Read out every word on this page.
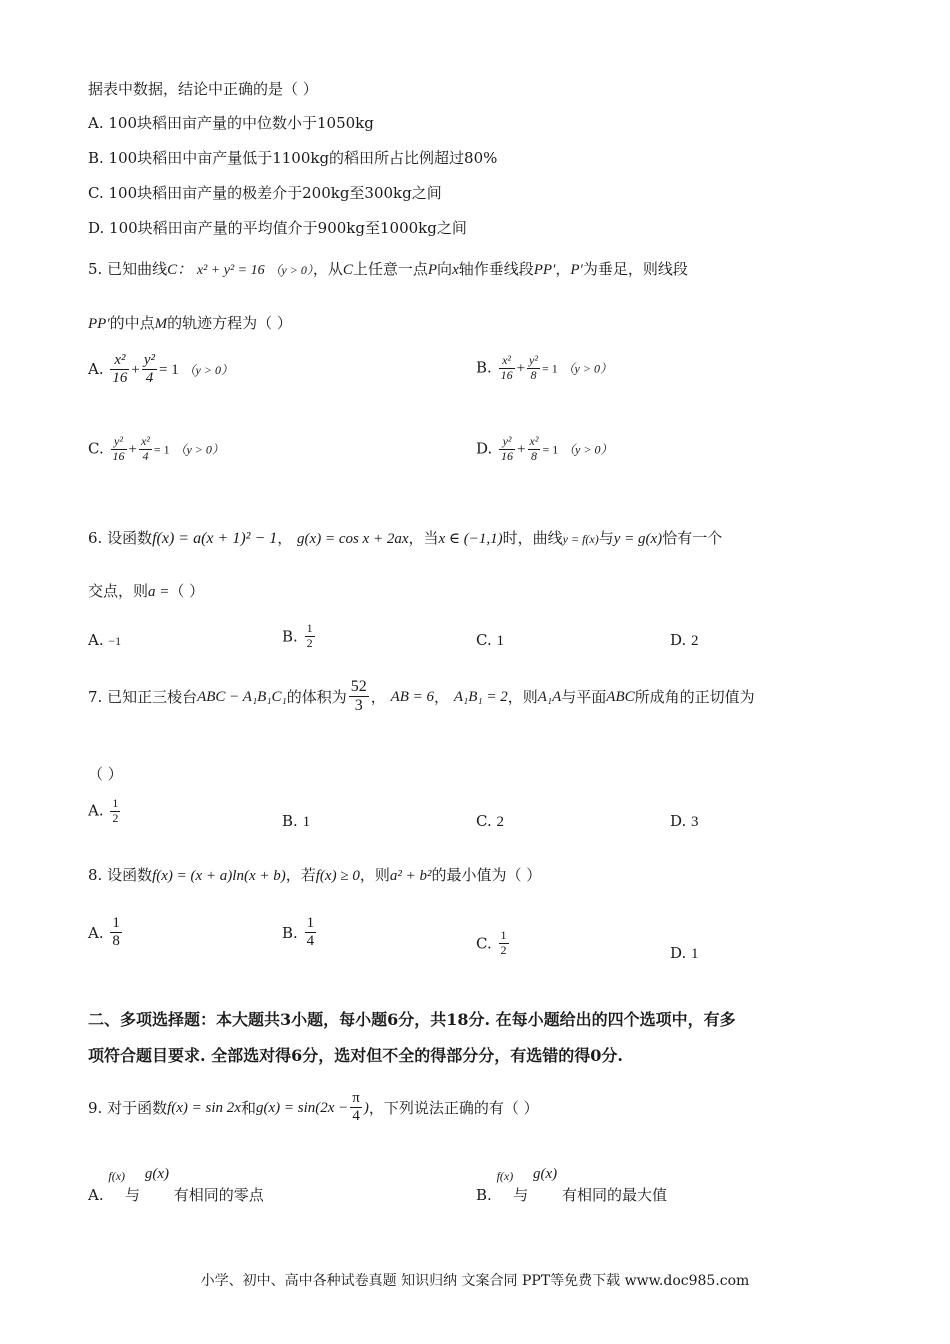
据表中数据，结论中正确的是（ ）
A. 100块稻田亩产量的中位数小于1050kg
B. 100块稻田中亩产量低于1100kg的稻田所占比例超过80%
C. 100块稻田亩产量的极差介于200kg至300kg之间
D. 100块稻田亩产量的平均值介于900kg至1000kg之间
5. 已知曲线C： x² + y² = 16 （y > 0），从C上任意一点P向x轴作垂线段PP′，P′为垂足，则线段
PP′的中点M的轨迹方程为（ ）
A. $\frac{\text{x²}}{16} + \frac{\text{y²}}{4} = 1$ （y > 0）	B. $\frac{\text{x²}}{16} + \frac{\text{y²}}{8} = 1$ （y > 0）
C. $\frac{\text{y²}}{16} + \frac{\text{x²}}{4} = 1$ （y > 0）	D. $\frac{\text{y²}}{16} + \frac{\text{x²}}{8} = 1$ （y > 0）
6. 设函数f(x) = a(x + 1)² − 1， g(x) = cos x + 2ax，当x ∈ (−1,1)时，曲线y = f(x)与y = g(x)恰有一个
交点，则a =（ ）
A. −1	B. $\frac{1}{2}$	C. 1	D. 2
7. 已知正三棱台ABC − A₁B₁C₁的体积为 $\frac{52}{3}$ ， AB = 6， A₁B₁ = 2，则A₁A与平面ABC所成角的正切值为
（ ）
A. $\frac{1}{2}$	B. 1	C. 2	D. 3
8. 设函数f(x) = (x + a)ln(x + b)，若f(x) ≥ 0，则a² + b²的最小值为（ ）
A. $\frac{1}{8}$	B. $\frac{1}{4}$	C. $\frac{1}{2}$	D. 1
二、多项选择题：本大题共3小题，每小题6分，共18分. 在每小题给出的四个选项中，有多
项符合题目要求. 全部选对得6分，选对但不全的得部分分，有选错的得0分.
9. 对于函数f(x) = sin 2x和$g(x) = \sin(2x - \frac{\pi}{4}$ )，下列说法正确的有（ ）
A. $^{f(x)}$与 g(x) 有相同的零点	B. $^{f(x)}$与 g(x) 有相同的最大值
小学、初中、高中各种试卷真题 知识归纳 文案合同 PPT等免费下载 www.doc985.com
